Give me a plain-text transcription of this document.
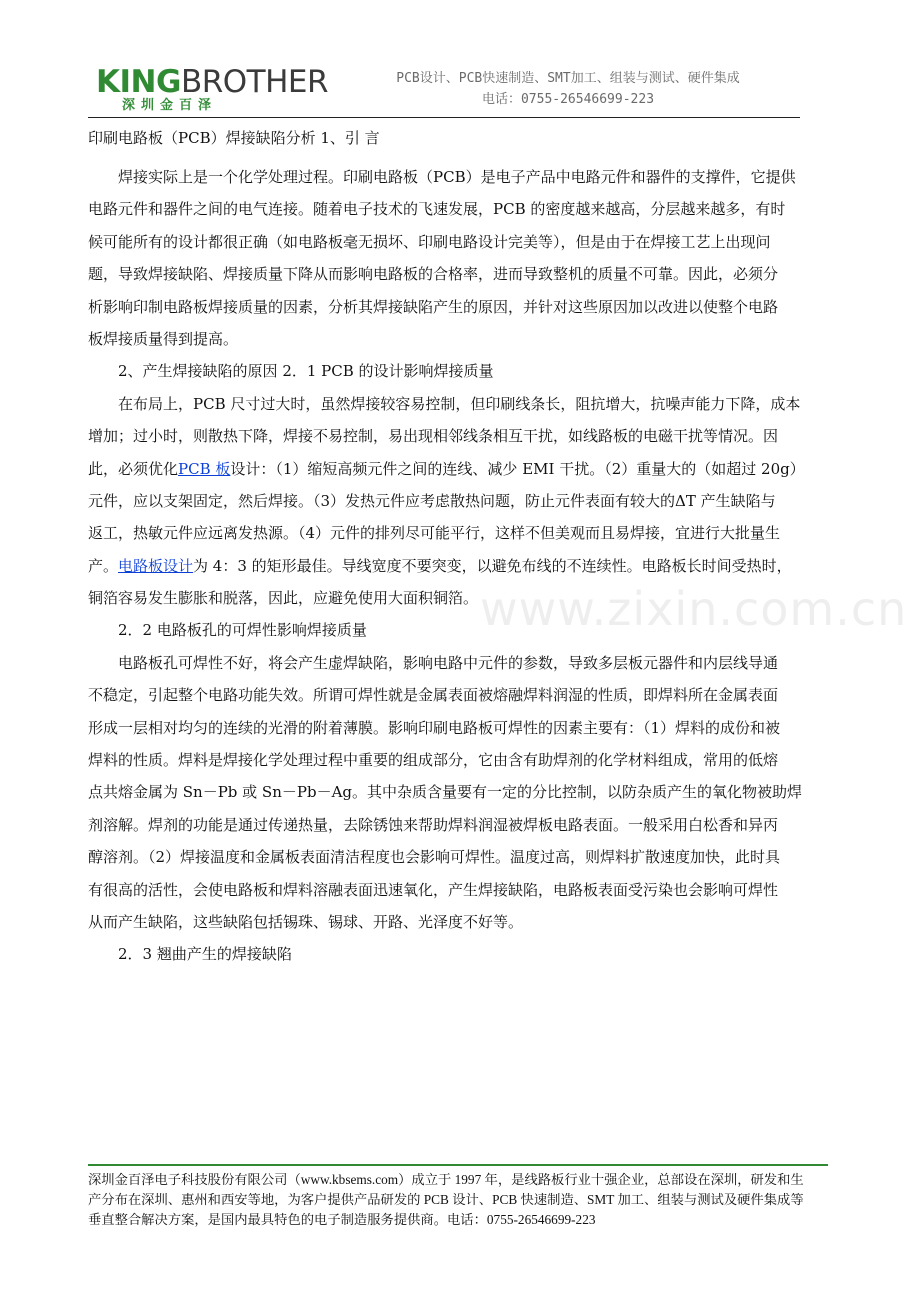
KINGBROTHER
深圳金百泽
PCB设计、PCB快速制造、SMT加工、组装与测试、硬件集成
电话：0755-26546699-223
www.zixin.com.cn
印刷电路板（PCB）焊接缺陷分析 1、引 言
焊接实际上是一个化学处理过程。印刷电路板（PCB）是电子产品中电路元件和器件的支撑件，它提供
电路元件和器件之间的电气连接。随着电子技术的飞速发展，PCB 的密度越来越高，分层越来越多，有时
候可能所有的设计都很正确（如电路板毫无损坏、印刷电路设计完美等），但是由于在焊接工艺上出现问
题，导致焊接缺陷、焊接质量下降从而影响电路板的合格率，进而导致整机的质量不可靠。因此，必须分
析影响印制电路板焊接质量的因素，分析其焊接缺陷产生的原因，并针对这些原因加以改进以使整个电路
板焊接质量得到提高。
2、产生焊接缺陷的原因 2．1 PCB 的设计影响焊接质量
在布局上，PCB 尺寸过大时，虽然焊接较容易控制，但印刷线条长，阻抗增大，抗噪声能力下降，成本
增加；过小时，则散热下降，焊接不易控制，易出现相邻线条相互干扰，如线路板的电磁干扰等情况。因
此，必须优化PCB 板设计：（1）缩短高频元件之间的连线、减少 EMI 干扰。（2）重量大的（如超过 20g）
元件，应以支架固定，然后焊接。（3）发热元件应考虑散热问题，防止元件表面有较大的ΔT 产生缺陷与
返工，热敏元件应远离发热源。（4）元件的排列尽可能平行，这样不但美观而且易焊接，宜进行大批量生
产。电路板设计为 4：3 的矩形最佳。导线宽度不要突变，以避免布线的不连续性。电路板长时间受热时，
铜箔容易发生膨胀和脱落，因此，应避免使用大面积铜箔。
2．2 电路板孔的可焊性影响焊接质量
电路板孔可焊性不好，将会产生虚焊缺陷，影响电路中元件的参数，导致多层板元器件和内层线导通
不稳定，引起整个电路功能失效。所谓可焊性就是金属表面被熔融焊料润湿的性质，即焊料所在金属表面
形成一层相对均匀的连续的光滑的附着薄膜。影响印刷电路板可焊性的因素主要有：（1）焊料的成份和被
焊料的性质。焊料是焊接化学处理过程中重要的组成部分，它由含有助焊剂的化学材料组成，常用的低熔
点共熔金属为 Sn－Pb 或 Sn－Pb－Ag。其中杂质含量要有一定的分比控制，以防杂质产生的氧化物被助焊
剂溶解。焊剂的功能是通过传递热量，去除锈蚀来帮助焊料润湿被焊板电路表面。一般采用白松香和异丙
醇溶剂。（2）焊接温度和金属板表面清洁程度也会影响可焊性。温度过高，则焊料扩散速度加快，此时具
有很高的活性，会使电路板和焊料溶融表面迅速氧化，产生焊接缺陷，电路板表面受污染也会影响可焊性
从而产生缺陷，这些缺陷包括锡珠、锡球、开路、光泽度不好等。
2．3 翘曲产生的焊接缺陷
深圳金百泽电子科技股份有限公司（www.kbsems.com）成立于 1997 年，是线路板行业十强企业，总部设在深圳，研发和生
产分布在深圳、惠州和西安等地，为客户提供产品研发的 PCB 设计、PCB 快速制造、SMT 加工、组装与测试及硬件集成等
垂直整合解决方案，是国内最具特色的电子制造服务提供商。电话：0755-26546699-223
